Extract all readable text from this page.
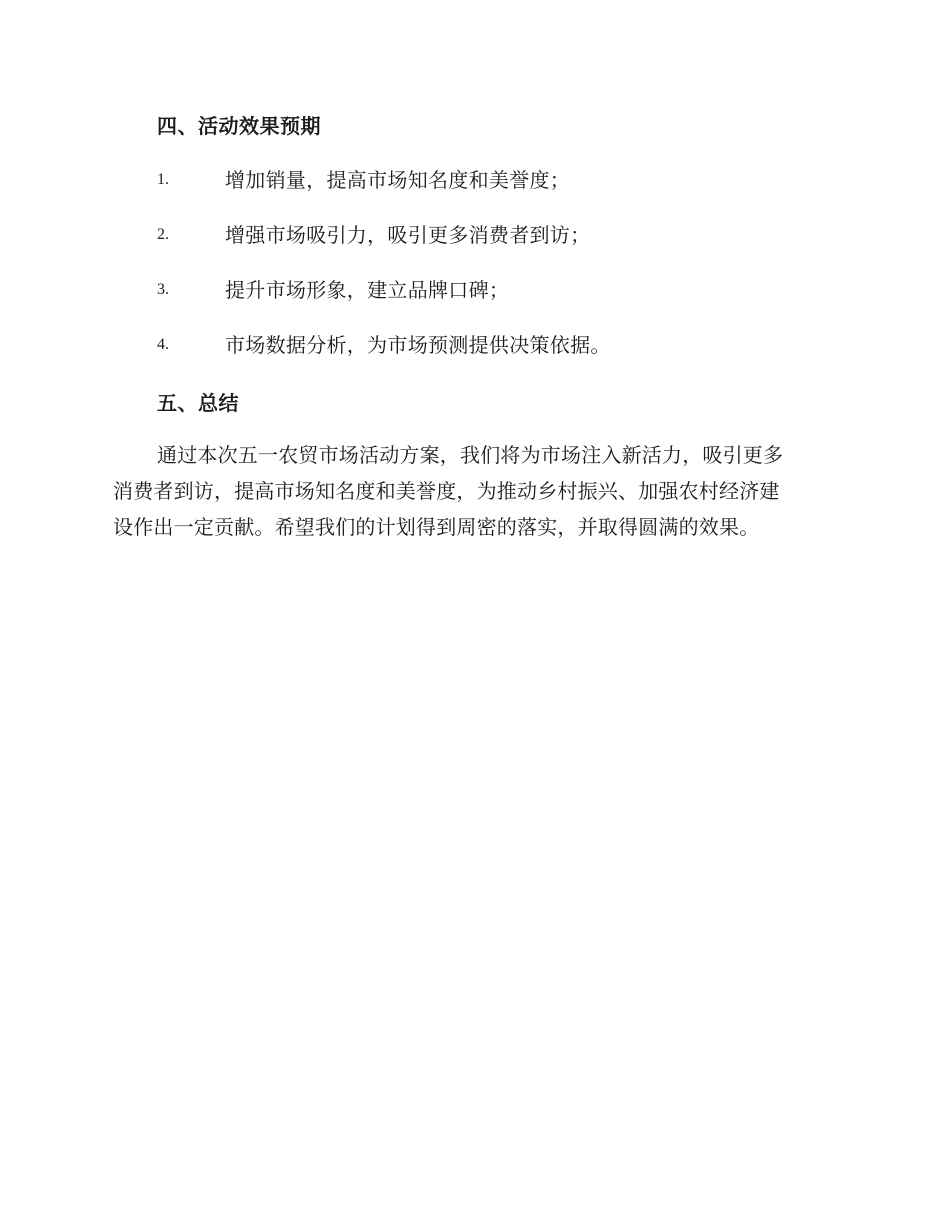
四、活动效果预期
1.	增加销量，提高市场知名度和美誉度；
2.	增强市场吸引力，吸引更多消费者到访；
3.	提升市场形象，建立品牌口碑；
4.	市场数据分析，为市场预测提供决策依据。
五、总结
通过本次五一农贸市场活动方案，我们将为市场注入新活力，吸引更多
消费者到访，提高市场知名度和美誉度，为推动乡村振兴、加强农村经济建
设作出一定贡献。希望我们的计划得到周密的落实，并取得圆满的效果。
